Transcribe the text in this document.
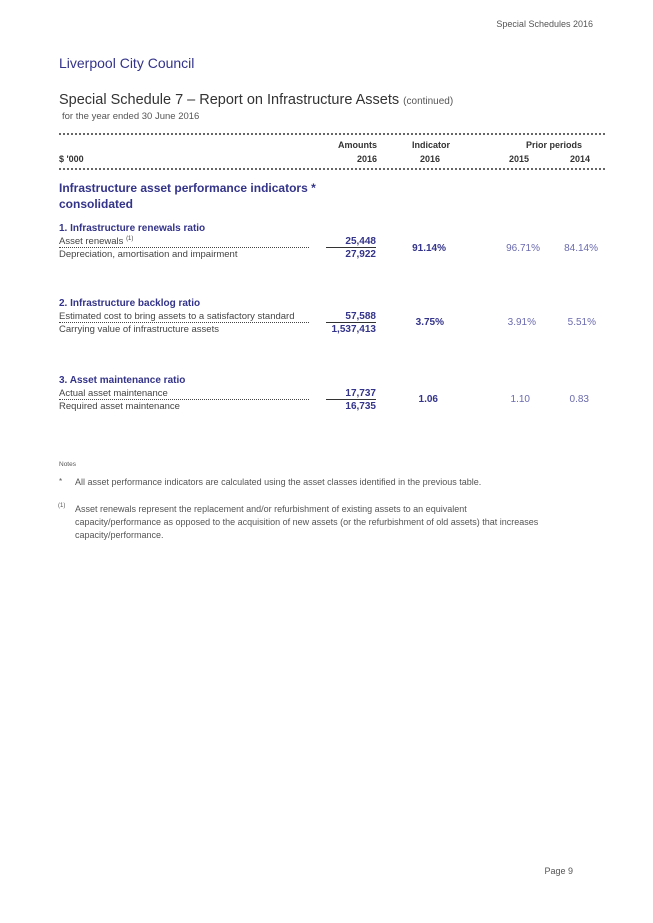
Special Schedules 2016
Liverpool City Council
Special Schedule 7 – Report on Infrastructure Assets (continued)
for the year ended 30 June 2016
Amounts	Indicator	Prior periods
$ '000	2016	2016	2015	2014
Infrastructure asset performance indicators *
consolidated
1. Infrastructure renewals ratio
Asset renewals $^{(1)}$	25,448
Depreciation, amortisation and impairment	27,922
91.14%	96.71%	84.14%
2. Infrastructure backlog ratio
Estimated cost to bring assets to a satisfactory standard	57,588
Carrying value of infrastructure assets	1,537,413
3.75%	3.91%	5.51%
3. Asset maintenance ratio
Actual asset maintenance	17,737
Required asset maintenance	16,735
1.06	1.10	0.83
Notes
* All asset performance indicators are calculated using the asset classes identified in the previous table.
(1) Asset renewals represent the replacement and/or refurbishment of existing assets to an equivalent capacity/performance as opposed to the acquisition of new assets (or the refurbishment of old assets) that increases capacity/performance.
Page 9
